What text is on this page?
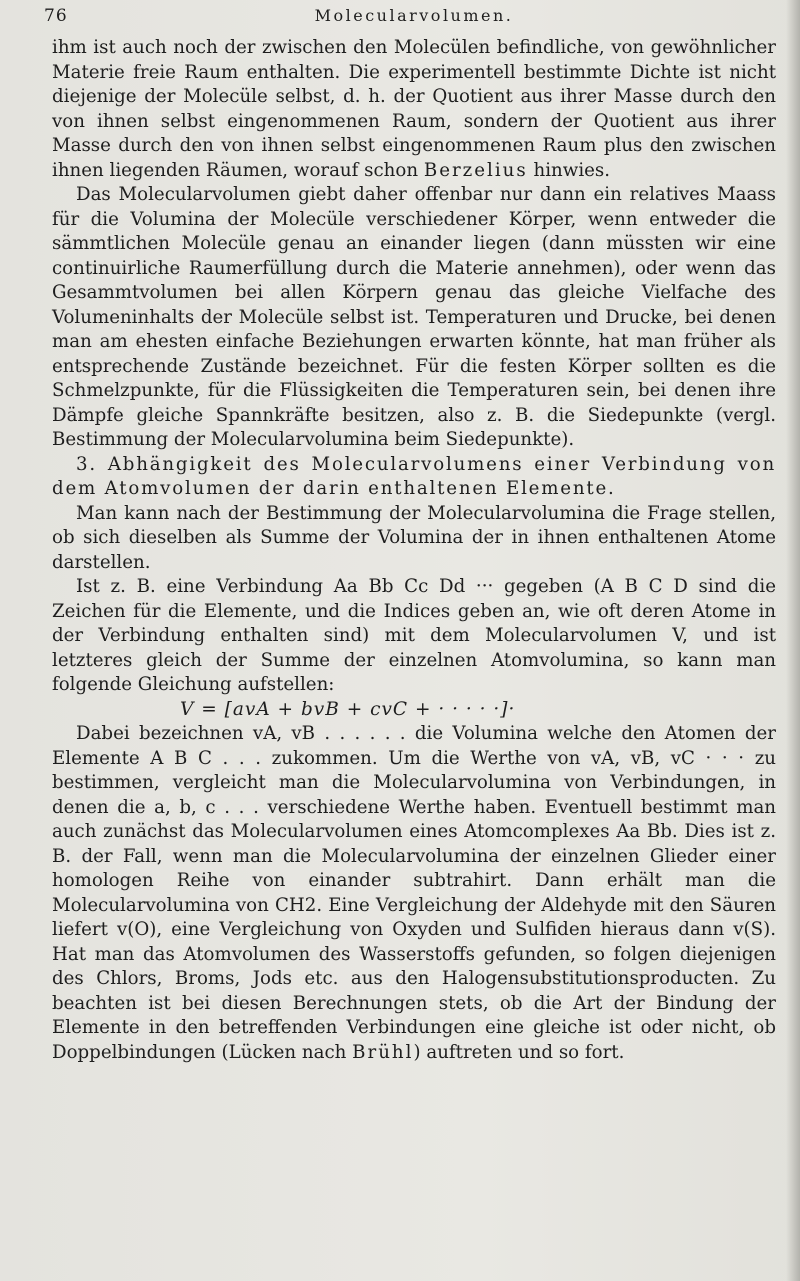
76	Molecularvolumen.

ihm ist auch noch der zwischen den Molecülen befindliche, von gewöhnlicher Materie freie Raum enthalten. Die experimentell bestimmte Dichte ist nicht diejenige der Molecüle selbst, d. h. der Quotient aus ihrer Masse durch den von ihnen selbst eingenommenen Raum, sondern der Quotient aus ihrer Masse durch den von ihnen selbst eingenommenen Raum plus den zwischen ihnen liegenden Räumen, worauf schon Berzelius hinwies.

Das Molecularvolumen giebt daher offenbar nur dann ein relatives Maass für die Volumina der Molecüle verschiedener Körper, wenn entweder die sämmtlichen Molecüle genau an einander liegen (dann müssten wir eine continuirliche Raumerfüllung durch die Materie annehmen), oder wenn das Gesammtvolumen bei allen Körpern genau das gleiche Vielfache des Volumeninhalts der Molecüle selbst ist. Temperaturen und Drucke, bei denen man am ehesten einfache Beziehungen erwarten könnte, hat man früher als entsprechende Zustände bezeichnet. Für die festen Körper sollten es die Schmelzpunkte, für die Flüssigkeiten die Temperaturen sein, bei denen ihre Dämpfe gleiche Spannkräfte besitzen, also z. B. die Siedepunkte (vergl. Bestimmung der Molecularvolumina beim Siedepunkte).

3. Abhängigkeit des Molecularvolumens einer Verbindung von dem Atomvolumen der darin enthaltenen Elemente.

Man kann nach der Bestimmung der Molecularvolumina die Frage stellen, ob sich dieselben als Summe der Volumina der in ihnen enthaltenen Atome darstellen.

Ist z. B. eine Verbindung Aa Bb Cc Dd ··· gegeben (A B C D sind die Zeichen für die Elemente, und die Indices geben an, wie oft deren Atome in der Verbindung enthalten sind) mit dem Molecularvolumen V, und ist letzteres gleich der Summe der einzelnen Atomvolumina, so kann man folgende Gleichung aufstellen:

V = [avA + bvB + cvC + · · · · ·]·

Dabei bezeichnen vA, vB . . . . . . die Volumina welche den Atomen der Elemente A B C . . . zukommen. Um die Werthe von vA, vB, vC · · · zu bestimmen, vergleicht man die Molecularvolumina von Verbindungen, in denen die a, b, c . . . verschiedene Werthe haben. Eventuell bestimmt man auch zunächst das Molecularvolumen eines Atomcomplexes Aa Bb. Dies ist z. B. der Fall, wenn man die Molecularvolumina der einzelnen Glieder einer homologen Reihe von einander subtrahirt. Dann erhält man die Molecularvolumina von CH2. Eine Vergleichung der Aldehyde mit den Säuren liefert v(O), eine Vergleichung von Oxyden und Sulfiden hieraus dann v(S). Hat man das Atomvolumen des Wasserstoffs gefunden, so folgen diejenigen des Chlors, Broms, Jods etc. aus den Halogensubstitutionsproducten. Zu beachten ist bei diesen Berechnungen stets, ob die Art der Bindung der Elemente in den betreffenden Verbindungen eine gleiche ist oder nicht, ob Doppelbindungen (Lücken nach Brühl) auftreten und so fort.
